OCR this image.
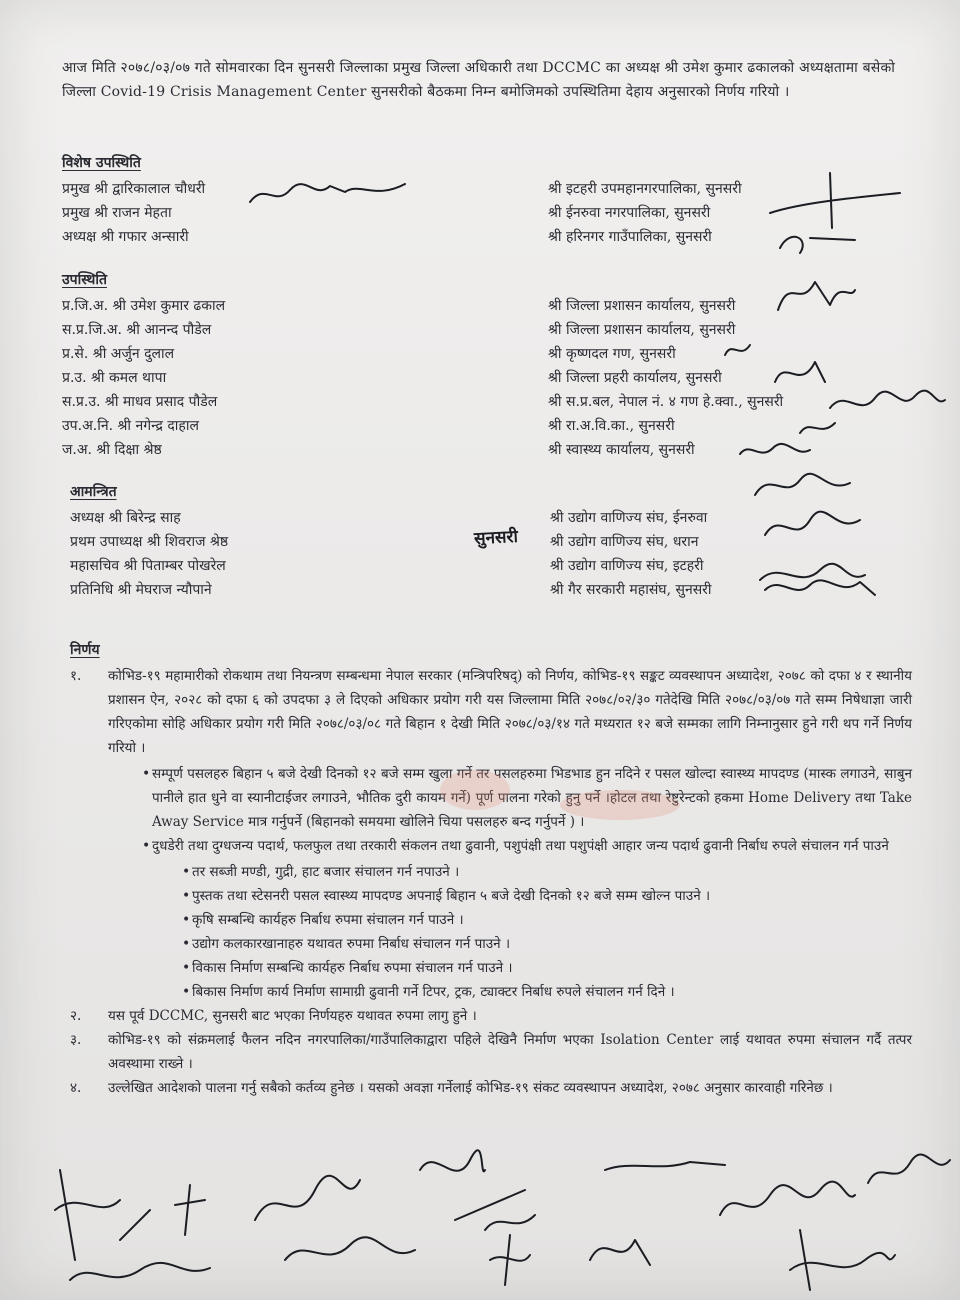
आज मिति २०७८/०३/०७ गते सोमवारका दिन सुनसरी जिल्लाका प्रमुख जिल्ला अधिकारी तथा DCCMC का अध्यक्ष श्री उमेश कुमार ढकालको अध्यक्षतामा बसेको जिल्ला Covid-19 Crisis Management Center सुनसरीको बैठकमा निम्न बमोजिमको उपस्थितिमा देहाय अनुसारको निर्णय गरियो ।
विशेष उपस्थिति
प्रमुख श्री द्वारिकालाल चौधरी
प्रमुख श्री राजन मेहता
अध्यक्ष श्री गफार अन्सारी
श्री इटहरी उपमहानगरपालिका, सुनसरी
श्री ईनरुवा नगरपालिका, सुनसरी
श्री हरिनगर गाउँपालिका, सुनसरी
उपस्थिति
प्र.जि.अ. श्री उमेश कुमार ढकाल
स.प्र.जि.अ. श्री आनन्द पौडेल
प्र.से. श्री अर्जुन दुलाल
प्र.उ. श्री कमल थापा
स.प्र.उ. श्री माधव प्रसाद पौडेल
उप.अ.नि. श्री नगेन्द्र दाहाल
ज.अ. श्री दिक्षा श्रेष्ठ
श्री जिल्ला प्रशासन कार्यालय, सुनसरी
श्री जिल्ला प्रशासन कार्यालय, सुनसरी
श्री कृष्णदल गण, सुनसरी
श्री जिल्ला प्रहरी कार्यालय, सुनसरी
श्री स.प्र.बल, नेपाल नं. ४ गण हे.क्वा., सुनसरी
श्री रा.अ.वि.का., सुनसरी
श्री स्वास्थ्य कार्यालय, सुनसरी
आमन्त्रित
अध्यक्ष श्री बिरेन्द्र साह
प्रथम उपाध्यक्ष श्री शिवराज श्रेष्ठ
महासचिव श्री पिताम्बर पोखरेल
प्रतिनिधि श्री मेघराज न्यौपाने
श्री उद्योग वाणिज्य संघ, ईनरुवा
श्री उद्योग वाणिज्य संघ, धरान
श्री उद्योग वाणिज्य संघ, इटहरी
श्री गैर सरकारी महासंघ, सुनसरी
सुनसरी
निर्णय
१. कोभिड-१९ महामारीको रोकथाम तथा नियन्त्रण सम्बन्धमा नेपाल सरकार (मन्त्रिपरिषद्) को निर्णय, कोभिड-१९ सङ्कट व्यवस्थापन अध्यादेश, २०७८ को दफा ४ र स्थानीय प्रशासन ऐन, २०२८ को दफा ६ को उपदफा ३ ले दिएको अधिकार प्रयोग गरी यस जिल्लामा मिति २०७८/०२/३० गतेदेखि मिति २०७८/०३/०७ गते सम्म निषेधाज्ञा जारी गरिएकोमा सोहि अधिकार प्रयोग गरी मिति २०७८/०३/०८ गते बिहान १ देखी मिति २०७८/०३/१४ गते मध्यरात १२ बजे सम्मका लागि निम्नानुसार हुने गरी थप गर्ने निर्णय गरियो ।
• सम्पूर्ण पसलहरु बिहान ५ बजे देखी दिनको १२ बजे सम्म खुला गर्ने तर पसलहरुमा भिडभाड हुन नदिने र पसल खोल्दा स्वास्थ्य मापदण्ड (मास्क लगाउने, साबुन पानीले हात धुने वा स्यानीटाईजर लगाउने, भौतिक दुरी कायम गर्ने) पूर्ण पालना गरेको हुनु पर्ने ।होटल तथा रेष्टुरेन्टको हकमा Home Delivery तथा Take Away Service मात्र गर्नुपर्ने (बिहानको समयमा खोलिने चिया पसलहरु बन्द गर्नुपर्ने ) ।
• दुधडेरी तथा दुग्धजन्य पदार्थ, फलफुल तथा तरकारी संकलन तथा ढुवानी, पशुपंक्षी तथा पशुपंक्षी आहार जन्य पदार्थ ढुवानी निर्बाध रुपले संचालन गर्न पाउने
• तर सब्जी मण्डी, गुद्री, हाट बजार संचालन गर्न नपाउने ।
• पुस्तक तथा स्टेसनरी पसल स्वास्थ्य मापदण्ड अपनाई बिहान ५ बजे देखी दिनको १२ बजे सम्म खोल्न पाउने ।
• कृषि सम्बन्धि कार्यहरु निर्बाध रुपमा संचालन गर्न पाउने ।
• उद्योग कलकारखानाहरु यथावत रुपमा निर्बाध संचालन गर्न पाउने ।
• विकास निर्माण सम्बन्धि कार्यहरु निर्बाध रुपमा संचालन गर्न पाउने ।
• बिकास निर्माण कार्य निर्माण सामाग्री ढुवानी गर्ने टिपर, ट्रक, ट्याक्टर निर्बाध रुपले संचालन गर्न दिने ।
२. यस पूर्व DCCMC, सुनसरी बाट भएका निर्णयहरु यथावत रुपमा लागु हुने ।
३. कोभिड-१९ को संक्रमलाई फैलन नदिन नगरपालिका/गाउँपालिकाद्वारा पहिले देखिनै निर्माण भएका Isolation Center लाई यथावत रुपमा संचालन गर्दै तत्पर अवस्थामा राख्ने ।
४. उल्लेखित आदेशको पालना गर्नु सबैको कर्तव्य हुनेछ । यसको अवज्ञा गर्नेलाई कोभिड-१९ संकट व्यवस्थापन अध्यादेश, २०७८ अनुसार कारवाही गरिनेछ ।
